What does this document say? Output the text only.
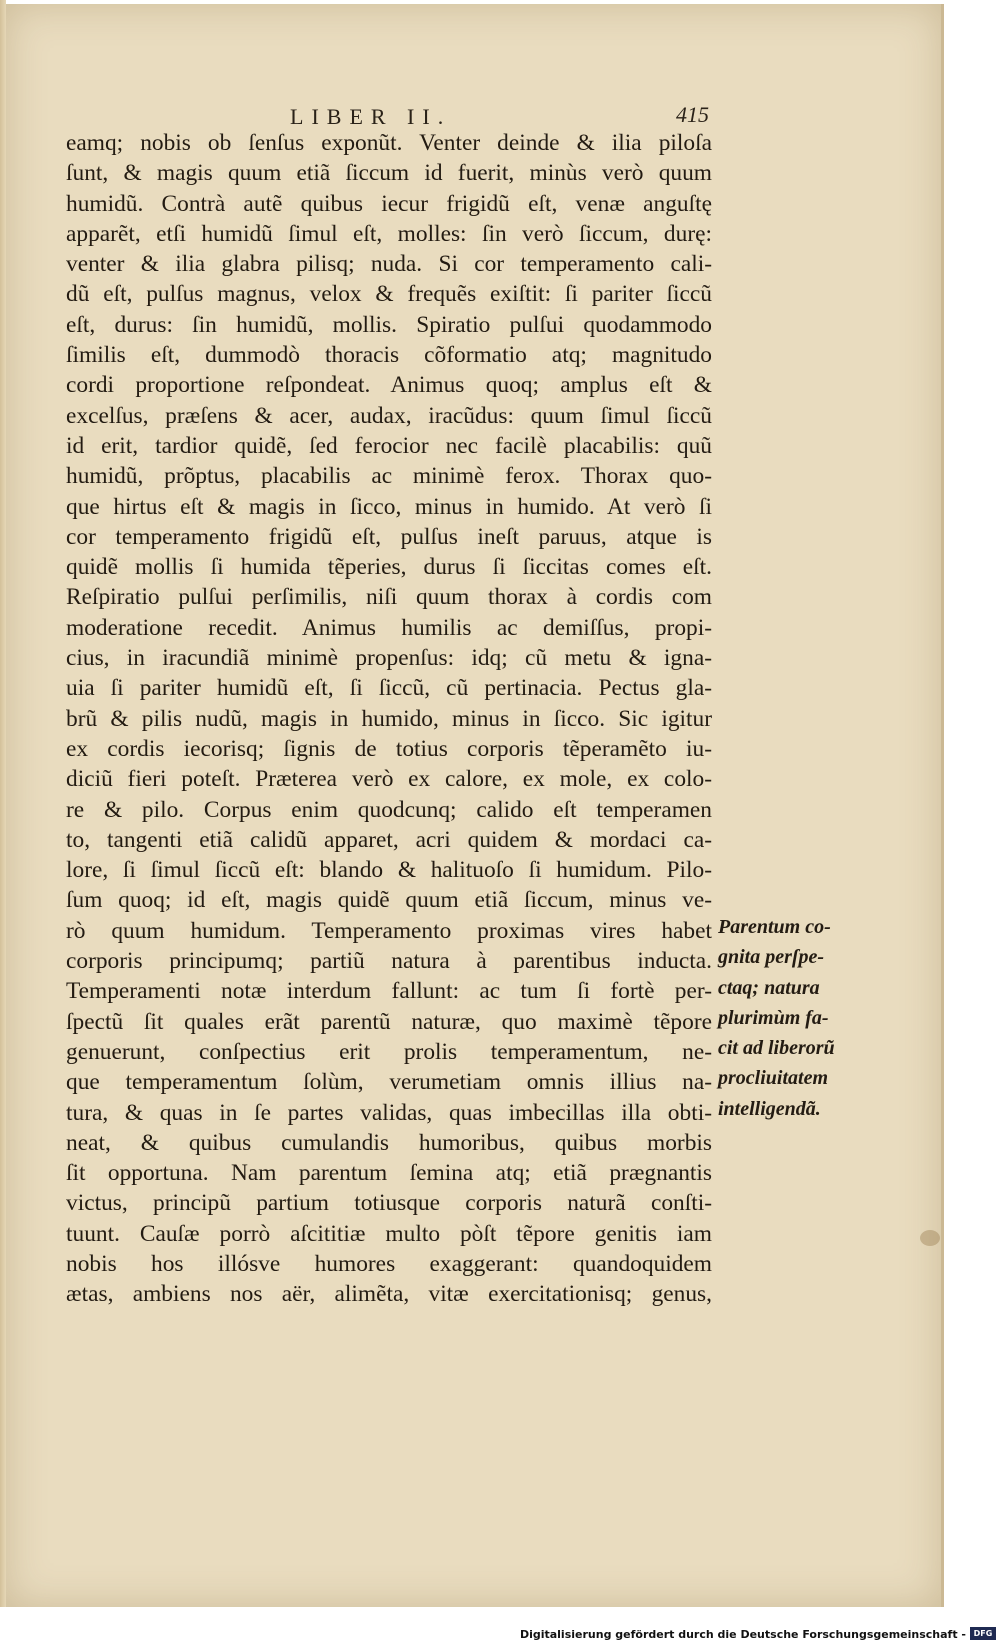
LIBER II.	415
eamq; nobis ob ſenſus exponũt. Venter deinde & ilia piloſa
ſunt, & magis quum etiã ſiccum id fuerit, minùs verò quum
humidũ. Contrà autẽ quibus iecur frigidũ eſt, venæ anguſtę
apparẽt, etſi humidũ ſimul eſt, molles: ſin verò ſiccum, durę:
venter & ilia glabra pilisq; nuda. Si cor temperamento cali-
dũ eſt, pulſus magnus, velox & frequẽs exiſtit: ſi pariter ſiccũ
eſt, durus: ſin humidũ, mollis. Spiratio pulſui quodammodo
ſimilis eſt, dummodò thoracis cõformatio atq; magnitudo
cordi proportione reſpondeat. Animus quoq; amplus eſt &
excelſus, præſens & acer, audax, iracũdus: quum ſimul ſiccũ
id erit, tardior quidẽ, ſed ferocior nec facilè placabilis: quũ
humidũ, prõptus, placabilis ac minimè ferox. Thorax quo-
que hirtus eſt & magis in ſicco, minus in humido. At verò ſi
cor temperamento frigidũ eſt, pulſus ineſt paruus, atque is
quidẽ mollis ſi humida tẽperies, durus ſi ſiccitas comes eſt.
Reſpiratio pulſui perſimilis, niſi quum thorax à cordis com
moderatione recedit. Animus humilis ac demiſſus, propi-
cius, in iracundiã minimè propenſus: idq; cũ metu & igna-
uia ſi pariter humidũ eſt, ſi ſiccũ, cũ pertinacia. Pectus gla-
brũ & pilis nudũ, magis in humido, minus in ſicco. Sic igitur
ex cordis iecorisq; ſignis de totius corporis tẽperamẽto iu-
diciũ fieri poteſt. Præterea verò ex calore, ex mole, ex colo-
re & pilo. Corpus enim quodcunq; calido eſt temperamen
to, tangenti etiã calidũ apparet, acri quidem & mordaci ca-
lore, ſi ſimul ſiccũ eſt: blando & halituoſo ſi humidum. Pilo-
ſum quoq; id eſt, magis quidẽ quum etiã ſiccum, minus ve-
rò quum humidum. Temperamento proximas vires habet
corporis principumq; partiũ natura à parentibus inducta.
Temperamenti notæ interdum fallunt: ac tum ſi fortè per-
ſpectũ ſit quales erãt parentũ naturæ, quo maximè tẽpore
genuerunt, conſpectius erit prolis temperamentum, ne-
que temperamentum ſolùm, verumetiam omnis illius na-
tura, & quas in ſe partes validas, quas imbecillas illa obti-
neat, & quibus cumulandis humoribus, quibus morbis
ſit opportuna. Nam parentum ſemina atq; etiã prægnantis
victus, principũ partium totiusque corporis naturã conſti-
tuunt. Cauſæ porrò aſcititiæ multo pòſt tẽpore genitis iam
nobis hos illósve humores exaggerant: quandoquidem
ætas, ambiens nos aër, alimẽta, vitæ exercitationisq; genus,
Parentum co-
gnita perſpe-
ctaq; natura
plurimùm fa-
cit ad liberorũ
procliuitatem
intelligendã.
Digitalisierung gefördert durch die Deutsche Forschungsgemeinschaft - DFG
